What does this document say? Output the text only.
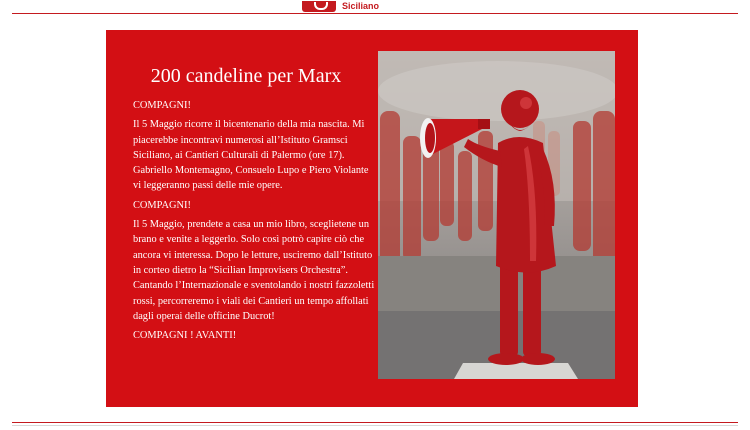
Siciliano
200 candeline per Marx

COMPAGNI!

Il 5 Maggio ricorre il bicentenario della mia nascita. Mi piacerebbe incontravi numerosi all’Istituto Gramsci Siciliano, ai Cantieri Culturali di Palermo (ore 17). Gabriello Montemagno, Consuelo Lupo e Piero Violante vi leggeranno passi delle mie opere.

COMPAGNI!

Il 5 Maggio, prendete a casa un mio libro, sceglietene un brano e venite a leggerlo. Solo così potrò capire ciò che ancora vi interessa. Dopo le letture, usciremo dall’Istituto in corteo dietro la “Sicilian Improvisers Orchestra”. Cantando l’Internazionale e sventolando i nostri fazzoletti rossi, percorreremo i viali dei Cantieri un tempo affollati dagli operai delle officine Ducrot!

COMPAGNI ! AVANTI!
